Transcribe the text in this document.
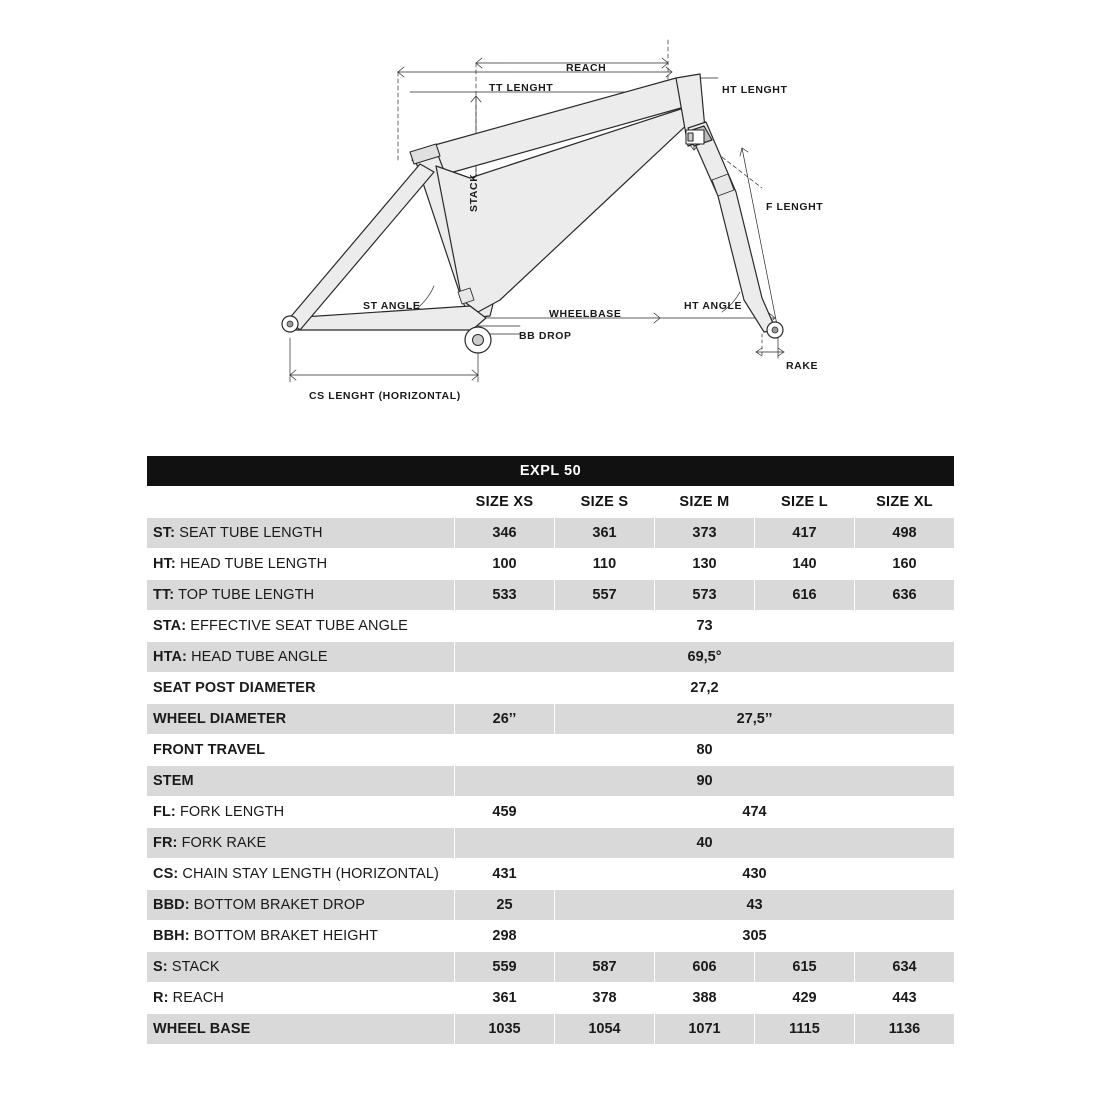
REACH
TT LENGHT	HT LENGHT
STACK	F LENGHT
ST ANGLE
WHEELBASE
HT ANGLE
BB DROP
RAKE
CS LENGHT (HORIZONTAL)
EXPL 50					
	SIZE XS	SIZE S	SIZE M	SIZE L	SIZE XL
ST: SEAT TUBE LENGTH	346	361	373	417	498
HT: HEAD TUBE LENGTH	100	110	130	140	160
TT: TOP TUBE LENGTH	533	557	573	616	636
STA: EFFECTIVE SEAT TUBE ANGLE	73				
HTA: HEAD TUBE ANGLE	69,5°				
SEAT POST DIAMETER	27,2				
WHEEL DIAMETER	26’’	27,5’’			
FRONT TRAVEL	80				
STEM	90				
FL: FORK LENGTH	459	474			
FR: FORK RAKE	40				
CS: CHAIN STAY LENGTH (HORIZONTAL)	431	430			
BBD: BOTTOM BRAKET DROP	25	43			
BBH: BOTTOM BRAKET HEIGHT	298	305			
S: STACK	559	587	606	615	634
R: REACH	361	378	388	429	443
WHEEL BASE	1035	1054	1071	1115	1136
